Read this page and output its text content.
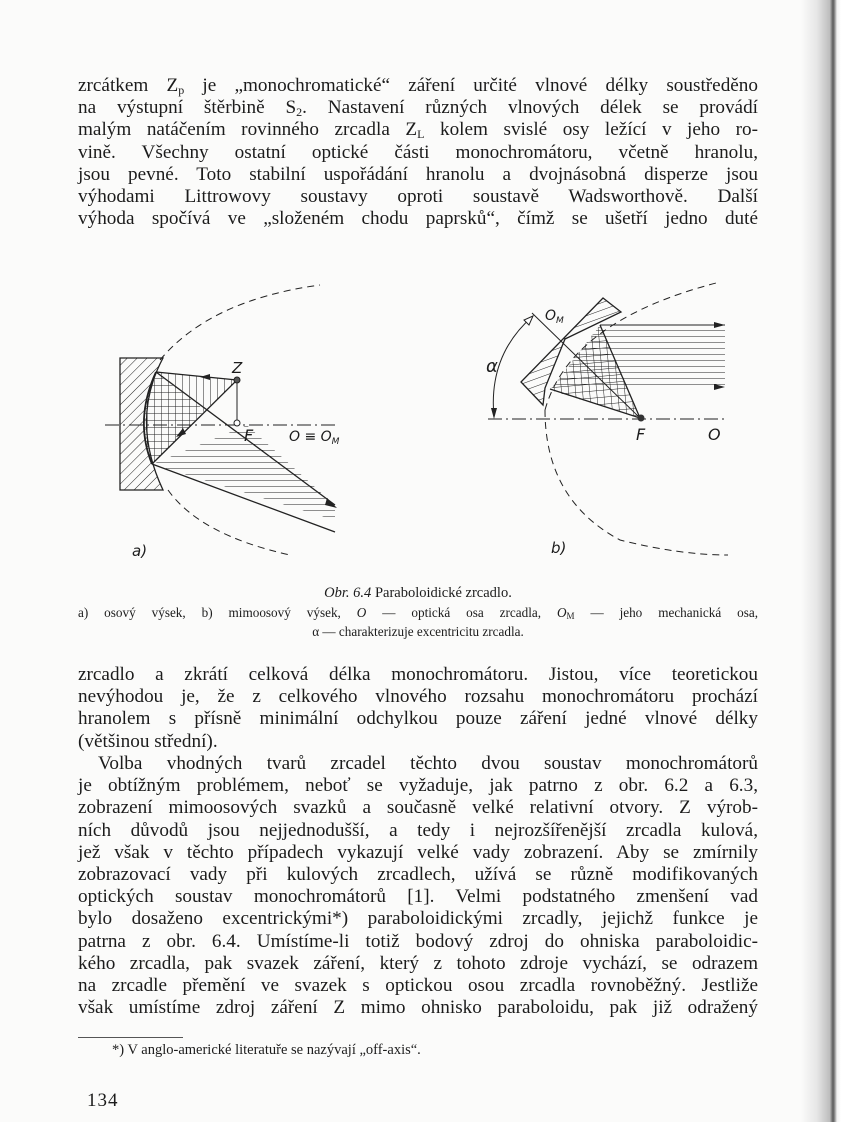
zrcátkem $Z_p$ je „monochromatické“ záření určité vlnové délky soustředěno
na výstupní štěrbině $S_2$. Nastavení různých vlnových délek se provádí
malým natáčením rovinného zrcadla $Z_L$ kolem svislé osy ležící v jeho ro-
vině. Všechny ostatní optické části monochromátoru, včetně hranolu,
jsou pevné. Toto stabilní uspořádání hranolu a dvojnásobná disperze jsou
výhodami Littrowovy soustavy oproti soustavě Wadsworthově. Další
výhoda spočívá ve „složeném chodu paprsků“, čímž se ušetří jedno duté
Z
F	$O \equiv O_M$
a)
α
$O_M$
F	O
b)
Obr. 6.4 Paraboloidické zrcadlo.
a) osový výsek, b) mimoosový výsek, O — optická osa zrcadla, OM — jeho mechanická osa,
α — charakterizuje excentricitu zrcadla.
zrcadlo a zkrátí celková délka monochromátoru. Jistou, více teoretickou
nevýhodou je, že z celkového vlnového rozsahu monochromátoru prochází
hranolem s přísně minimální odchylkou pouze záření jedné vlnové délky
(většinou střední).
Volba vhodných tvarů zrcadel těchto dvou soustav monochromátorů
je obtížným problémem, neboť se vyžaduje, jak patrno z obr. 6.2 a 6.3,
zobrazení mimoosových svazků a současně velké relativní otvory. Z výrob-
ních důvodů jsou nejjednodušší, a tedy i nejrozšířenější zrcadla kulová,
jež však v těchto případech vykazují velké vady zobrazení. Aby se zmírnily
zobrazovací vady při kulových zrcadlech, užívá se různě modifikovaných
optických soustav monochromátorů [1]. Velmi podstatného zmenšení vad
bylo dosaženo excentrickými*) paraboloidickými zrcadly, jejichž funkce je
patrna z obr. 6.4. Umístíme-li totiž bodový zdroj do ohniska paraboloidic-
kého zrcadla, pak svazek záření, který z tohoto zdroje vychází, se odrazem
na zrcadle přemění ve svazek s optickou osou zrcadla rovnoběžný. Jestliže
však umístíme zdroj záření Z mimo ohnisko paraboloidu, pak již odražený
*) V anglo-americké literatuře se nazývají „off-axis“.
134
